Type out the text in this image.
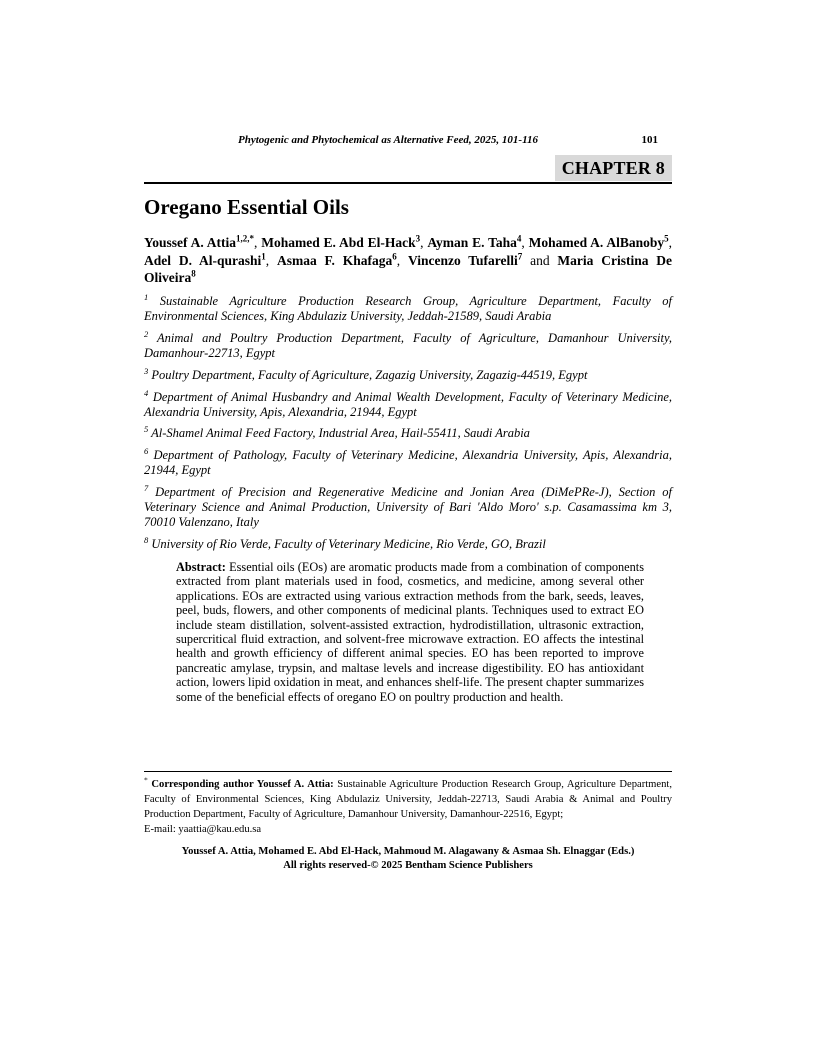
Phytogenic and Phytochemical as Alternative Feed, 2025, 101-116	101
CHAPTER 8
Oregano Essential Oils
Youssef A. Attia$^{1,2,*}$, Mohamed E. Abd El-Hack$^3$, Ayman E. Taha$^4$, Mohamed A. AlBanoby$^5$, Adel D. Al-qurashi$^1$, Asmaa F. Khafaga$^6$, Vincenzo Tufarelli$^7$ and Maria Cristina De Oliveira$^8$

$^1$ Sustainable Agriculture Production Research Group, Agriculture Department, Faculty of Environmental Sciences, King Abdulaziz University, Jeddah-21589, Saudi Arabia

$^2$ Animal and Poultry Production Department, Faculty of Agriculture, Damanhour University, Damanhour-22713, Egypt

$^3$ Poultry Department, Faculty of Agriculture, Zagazig University, Zagazig-44519, Egypt

$^4$ Department of Animal Husbandry and Animal Wealth Development, Faculty of Veterinary Medicine, Alexandria University, Apis, Alexandria, 21944, Egypt

$^5$ Al-Shamel Animal Feed Factory, Industrial Area, Hail-55411, Saudi Arabia

$^6$ Department of Pathology, Faculty of Veterinary Medicine, Alexandria University, Apis, Alexandria, 21944, Egypt

$^7$ Department of Precision and Regenerative Medicine and Jonian Area (DiMePRe-J), Section of Veterinary Science and Animal Production, University of Bari 'Aldo Moro' s.p. Casamassima km 3, 70010 Valenzano, Italy

$^8$ University of Rio Verde, Faculty of Veterinary Medicine, Rio Verde, GO, Brazil

Abstract: Essential oils (EOs) are aromatic products made from a combination of components extracted from plant materials used in food, cosmetics, and medicine, among several other applications. EOs are extracted using various extraction methods from the bark, seeds, leaves, peel, buds, flowers, and other components of medicinal plants. Techniques used to extract EO include steam distillation, solvent-assisted extraction, hydrodistillation, ultrasonic extraction, supercritical fluid extraction, and solvent-free microwave extraction. EO affects the intestinal health and growth efficiency of different animal species. EO has been reported to improve pancreatic amylase, trypsin, and maltase levels and increase digestibility. EO has antioxidant action, lowers lipid oxidation in meat, and enhances shelf-life. The present chapter summarizes some of the beneficial effects of oregano EO on poultry production and health.
* Corresponding author Youssef A. Attia: Sustainable Agriculture Production Research Group, Agriculture Department, Faculty of Environmental Sciences, King Abdulaziz University, Jeddah-22713, Saudi Arabia & Animal and Poultry Production Department, Faculty of Agriculture, Damanhour University, Damanhour-22516, Egypt;
E-mail: yaattia@kau.edu.sa
Youssef A. Attia, Mohamed E. Abd El-Hack, Mahmoud M. Alagawany & Asmaa Sh. Elnaggar (Eds.)
All rights reserved-© 2025 Bentham Science Publishers
